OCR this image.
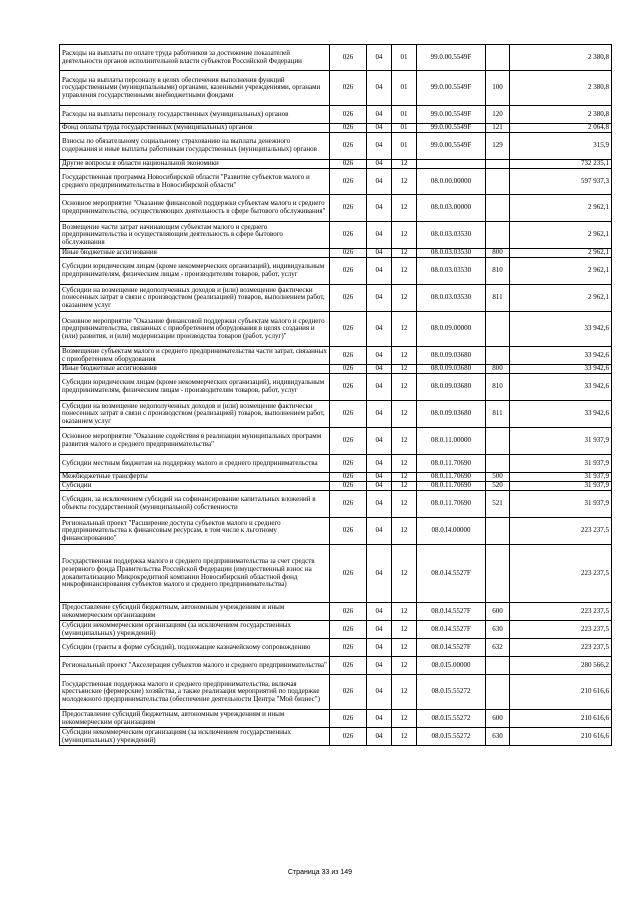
Расходы на выплаты по оплате труда работников за достижение показателей деятельности органов исполнительной власти субъектов Российской Федерации	026	04	01	99.0.00.5549F		2 380,8
Расходы на выплаты персоналу в целях обеспечения выполнения функций государственными (муниципальными) органами, казенными учреждениями, органами управления государственными внебюджетными фондами	026	04	01	99.0.00.5549F	100	2 380,8
Расходы на выплаты персоналу государственных (муниципальных) органов	026	04	01	99.0.00.5549F	120	2 380,8
Фонд оплаты труда государственных (муниципальных) органов	026	04	01	99.0.00.5549F	121	2 064,8
Взносы по обязательному социальному страхованию на выплаты денежного содержания и иные выплаты работникам государственных (муниципальных) органов	026	04	01	99.0.00.5549F	129	315,9
Другие вопросы в области национальной экономики	026	04	12			732 235,1
Государственная программа Новосибирской области "Развитие субъектов малого и среднего предпринимательства в Новосибирской области"	026	04	12	08.0.00.00000		597 937,3
Основное мероприятие "Оказание финансовой поддержки субъектам малого и среднего предпринимательства, осуществляющих деятельность в сфере бытового обслуживания"	026	04	12	08.0.03.00000		2 962,1
Возмещение части затрат начинающим субъектам малого и среднего предпринимательства и осуществляющим деятельность в сфере бытового обслуживания	026	04	12	08.0.03.03530		2 962,1
Иные бюджетные ассигнования	026	04	12	08.0.03.03530	800	2 962,1
Субсидии юридическим лицам (кроме некоммерческих организаций), индивидуальным предпринимателям, физическим лицам - производителям товаров, работ, услуг	026	04	12	08.0.03.03530	810	2 962,1
Субсидии на возмещение недополученных доходов и (или) возмещение фактически понесенных затрат в связи с производством (реализацией) товаров, выполнением работ, оказанием услуг	026	04	12	08.0.03.03530	811	2 962,1
Основное мероприятие "Оказание финансовой поддержки субъектам малого и среднего предпринимательства, связанных с приобретением оборудования в целях создания и (или) развития, и (или) модернизации производства товаров (работ, услуг)"	026	04	12	08.0.09.00000		33 942,6
Возмещение субъектам малого и среднего предпринимательства части затрат, связанных с приобретением оборудования	026	04	12	08.0.09.03680		33 942,6
Иные бюджетные ассигнования	026	04	12	08.0.09.03680	800	33 942,6
Субсидии юридическим лицам (кроме некоммерческих организаций), индивидуальным предпринимателям, физическим лицам - производителям товаров, работ, услуг	026	04	12	08.0.09.03680	810	33 942,6
Субсидии на возмещение недополученных доходов и (или) возмещение фактически понесенных затрат в связи с производством (реализацией) товаров, выполнением работ, оказанием услуг	026	04	12	08.0.09.03680	811	33 942,6
Основное мероприятие "Оказание содействия в реализации муниципальных программ развития малого и среднего предпринимательства"	026	04	12	08.0.11.00000		31 937,9
Субсидии местным бюджетам на поддержку малого и среднего предпринимательства	026	04	12	08.0.11.70690		31 937,9
Межбюджетные трансферты	026	04	12	08.0.11.70690	500	31 937,9
Субсидии	026	04	12	08.0.11.70690	520	31 937,9
Субсидии, за исключением субсидий на софинансирование капитальных вложений в объекты государственной (муниципальной) собственности	026	04	12	08.0.11.70690	521	31 937,9
Региональный проект "Расширение доступа субъектов малого и среднего предпринимательства к финансовым ресурсам, в том числе к льготному финансированию"	026	04	12	08.0.I4.00000		223 237,5
Государственная поддержка малого и среднего предпринимательства за счет средств резервного фонда Правительства Российской Федерации (имущественный взнос на докапитализацию Микрокредитной компании Новосибирский областной фонд микрофинансирования субъектов малого и среднего предпринимательства)	026	04	12	08.0.I4.5527F		223 237,5
Предоставление субсидий бюджетным, автономным учреждениям и иным некоммерческим организациям	026	04	12	08.0.I4.5527F	600	223 237,5
Субсидии некоммерческим организациям (за исключением государственных (муниципальных) учреждений)	026	04	12	08.0.I4.5527F	630	223 237,5
Субсидии (гранты в форме субсидий), подлежащие казначейскому сопровождению	026	04	12	08.0.I4.5527F	632	223 237,5
Региональный проект "Акселерация субъектов малого и среднего предпринимательства"	026	04	12	08.0.I5.00000		280 566,2
Государственная поддержка малого и среднего предпринимательства, включая крестьянские (фермерские) хозяйства, а также реализация мероприятий по поддержке молодежного предпринимательства (обеспечение деятельности Центра "Мой бизнес")	026	04	12	08.0.I5.55272		210 616,6
Предоставление субсидий бюджетным, автономным учреждениям и иным некоммерческим организациям	026	04	12	08.0.I5.55272	600	210 616,6
Субсидии некоммерческим организациям (за исключением государственных (муниципальных) учреждений)	026	04	12	08.0.I5.55272	630	210 616,6
Страница 33 из 149
